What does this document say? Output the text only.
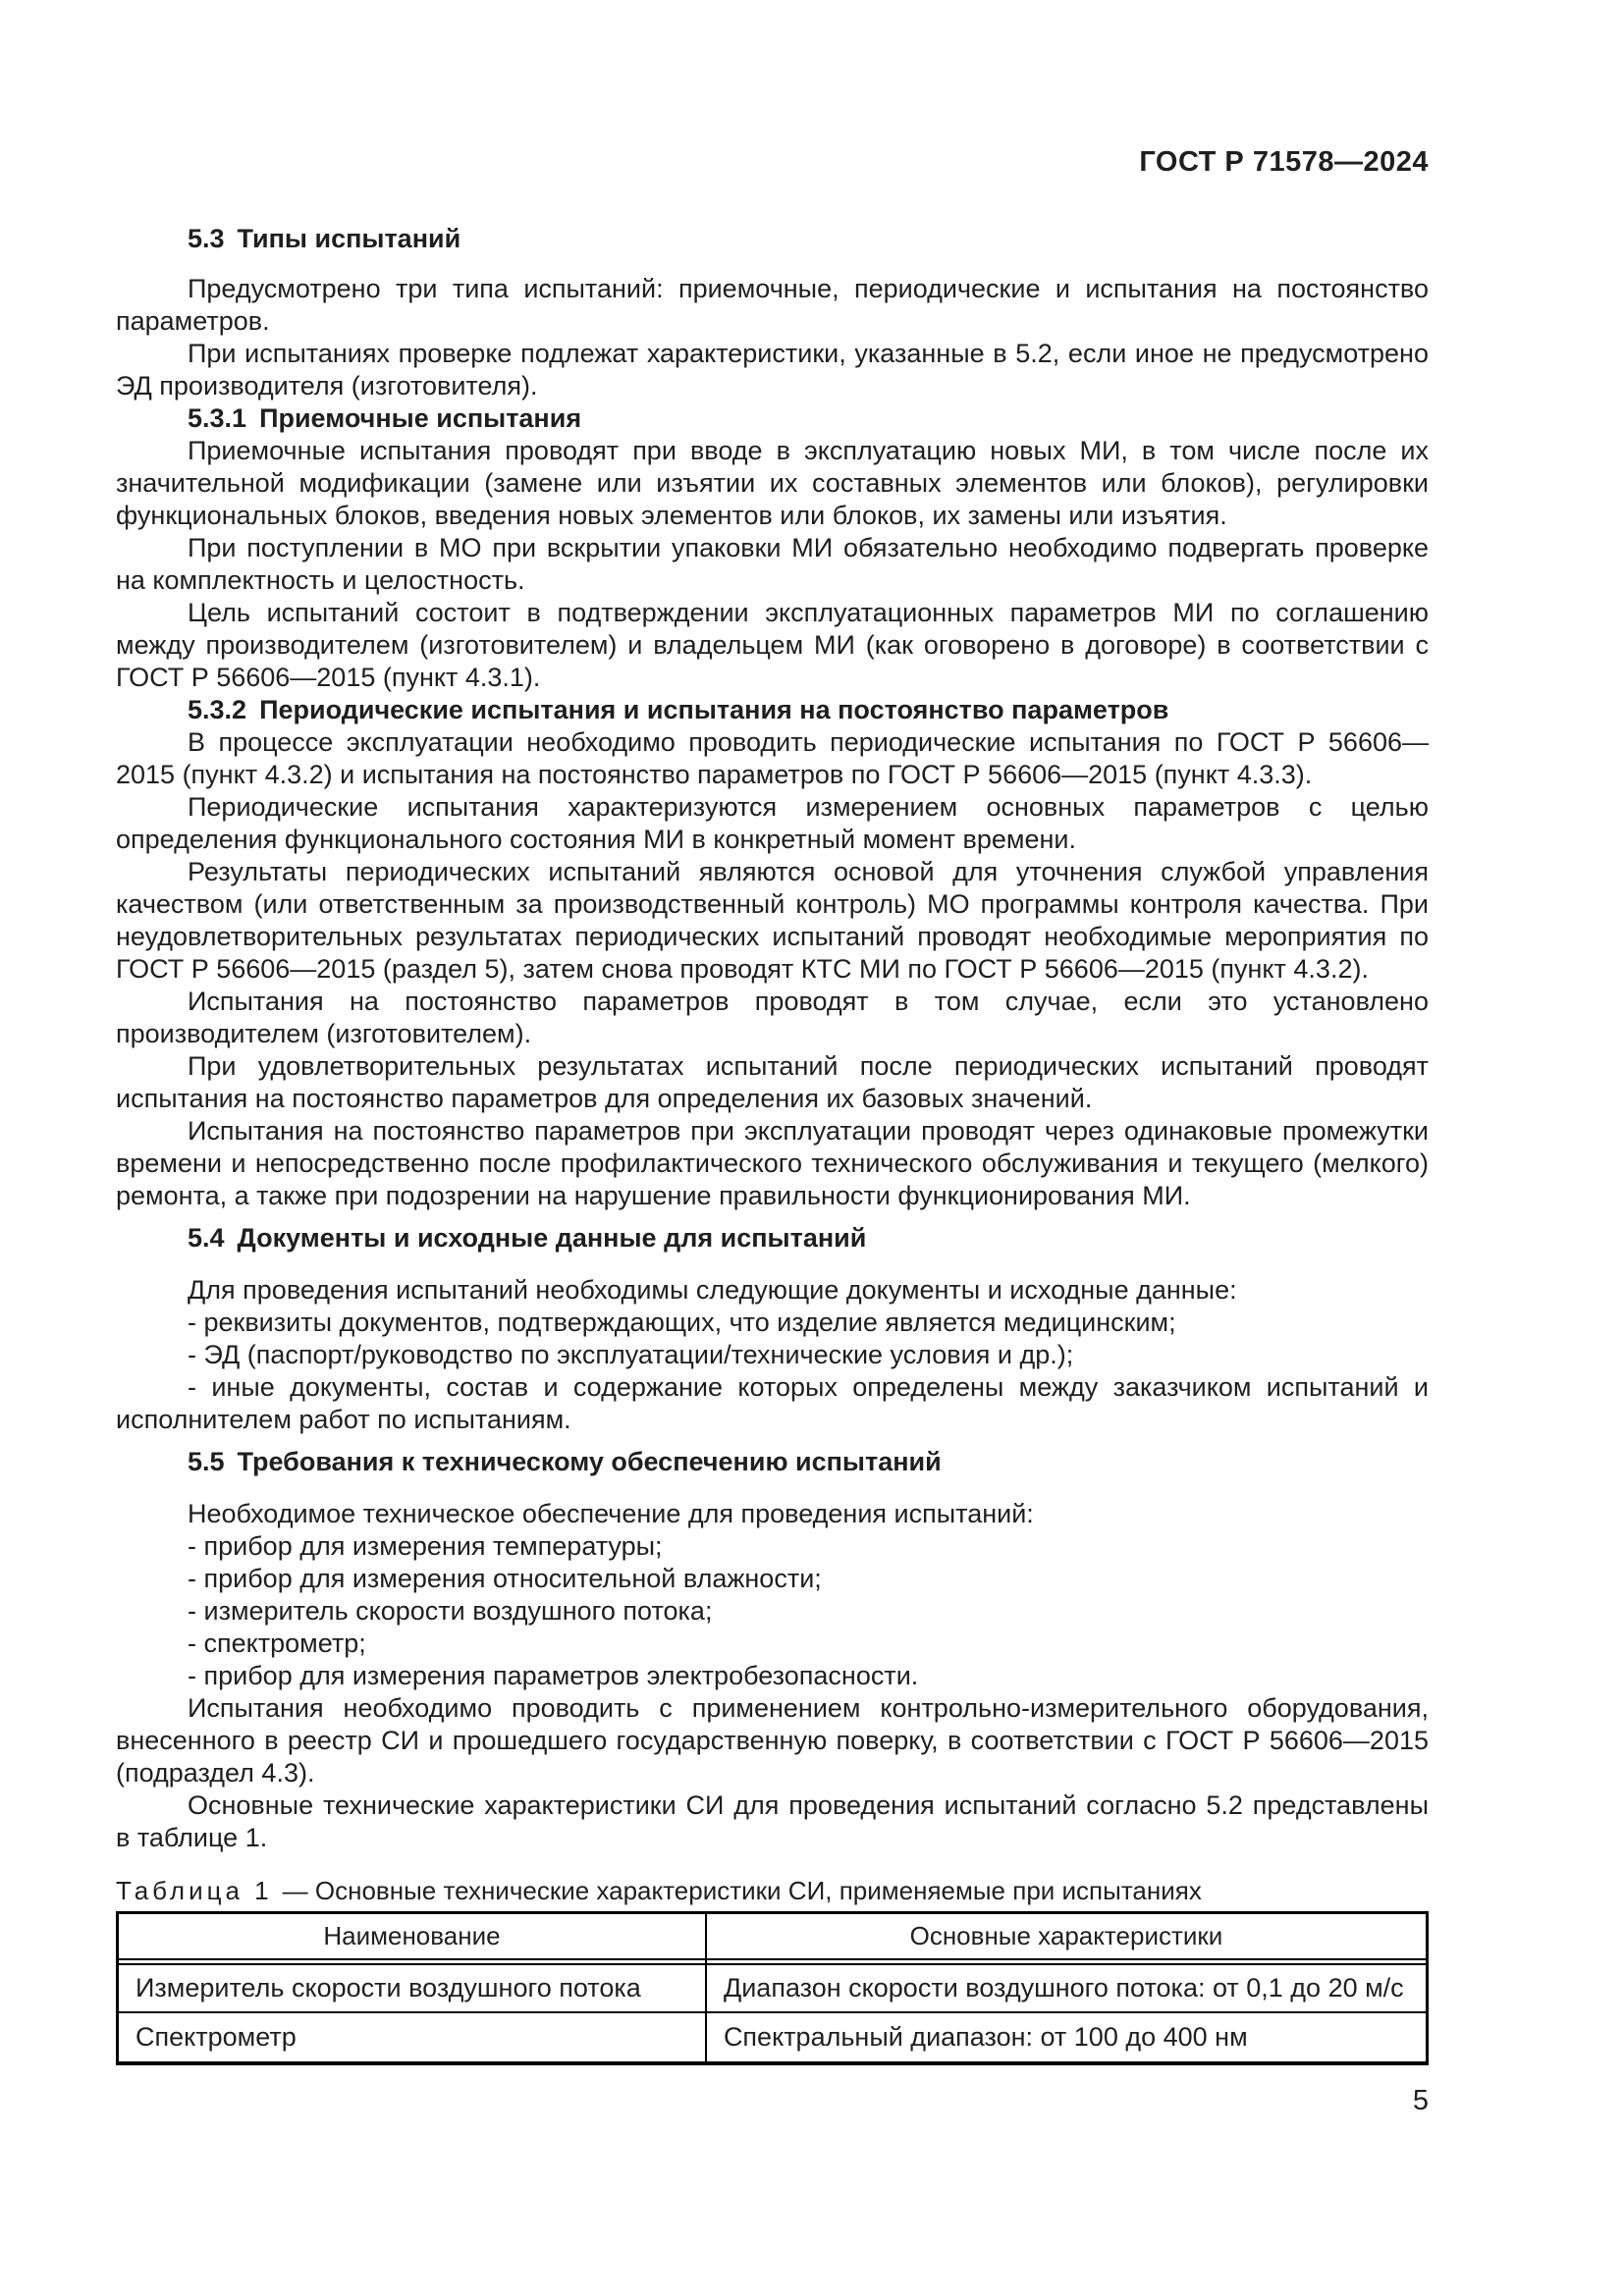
ГОСТ Р 71578—2024
5.3 Типы испытаний

Предусмотрено три типа испытаний: приемочные, периодические и испытания на постоянство параметров.

При испытаниях проверке подлежат характеристики, указанные в 5.2, если иное не предусмотрено ЭД производителя (изготовителя).

5.3.1 Приемочные испытания

Приемочные испытания проводят при вводе в эксплуатацию новых МИ, в том числе после их значительной модификации (замене или изъятии их составных элементов или блоков), регулировки функциональных блоков, введения новых элементов или блоков, их замены или изъятия.

При поступлении в МО при вскрытии упаковки МИ обязательно необходимо подвергать проверке на комплектность и целостность.

Цель испытаний состоит в подтверждении эксплуатационных параметров МИ по соглашению между производителем (изготовителем) и владельцем МИ (как оговорено в договоре) в соответствии с ГОСТ Р 56606—2015 (пункт 4.3.1).

5.3.2 Периодические испытания и испытания на постоянство параметров

В процессе эксплуатации необходимо проводить периодические испытания по ГОСТ Р 56606—2015 (пункт 4.3.2) и испытания на постоянство параметров по ГОСТ Р 56606—2015 (пункт 4.3.3).

Периодические испытания характеризуются измерением основных параметров с целью определения функционального состояния МИ в конкретный момент времени.

Результаты периодических испытаний являются основой для уточнения службой управления качеством (или ответственным за производственный контроль) МО программы контроля качества. При неудовлетворительных результатах периодических испытаний проводят необходимые мероприятия по ГОСТ Р 56606—2015 (раздел 5), затем снова проводят КТС МИ по ГОСТ Р 56606—2015 (пункт 4.3.2).

Испытания на постоянство параметров проводят в том случае, если это установлено производителем (изготовителем).

При удовлетворительных результатах испытаний после периодических испытаний проводят испытания на постоянство параметров для определения их базовых значений.

Испытания на постоянство параметров при эксплуатации проводят через одинаковые промежутки времени и непосредственно после профилактического технического обслуживания и текущего (мелкого) ремонта, а также при подозрении на нарушение правильности функционирования МИ.

5.4 Документы и исходные данные для испытаний

Для проведения испытаний необходимы следующие документы и исходные данные:

- реквизиты документов, подтверждающих, что изделие является медицинским;

- ЭД (паспорт/руководство по эксплуатации/технические условия и др.);

- иные документы, состав и содержание которых определены между заказчиком испытаний и исполнителем работ по испытаниям.

5.5 Требования к техническому обеспечению испытаний

Необходимое техническое обеспечение для проведения испытаний:

- прибор для измерения температуры;

- прибор для измерения относительной влажности;

- измеритель скорости воздушного потока;

- спектрометр;

- прибор для измерения параметров электробезопасности.

Испытания необходимо проводить с применением контрольно-измерительного оборудования, внесенного в реестр СИ и прошедшего государственную поверку, в соответствии с ГОСТ Р 56606—2015 (подраздел 4.3).

Основные технические характеристики СИ для проведения испытаний согласно 5.2 представлены в таблице 1.

Таблица 1 — Основные технические характеристики СИ, применяемые при испытаниях
Наименование	Основные характеристики
Измеритель скорости воздушного потока	Диапазон скорости воздушного потока: от 0,1 до 20 м/с
Спектрометр	Спектральный диапазон: от 100 до 400 нм
5
